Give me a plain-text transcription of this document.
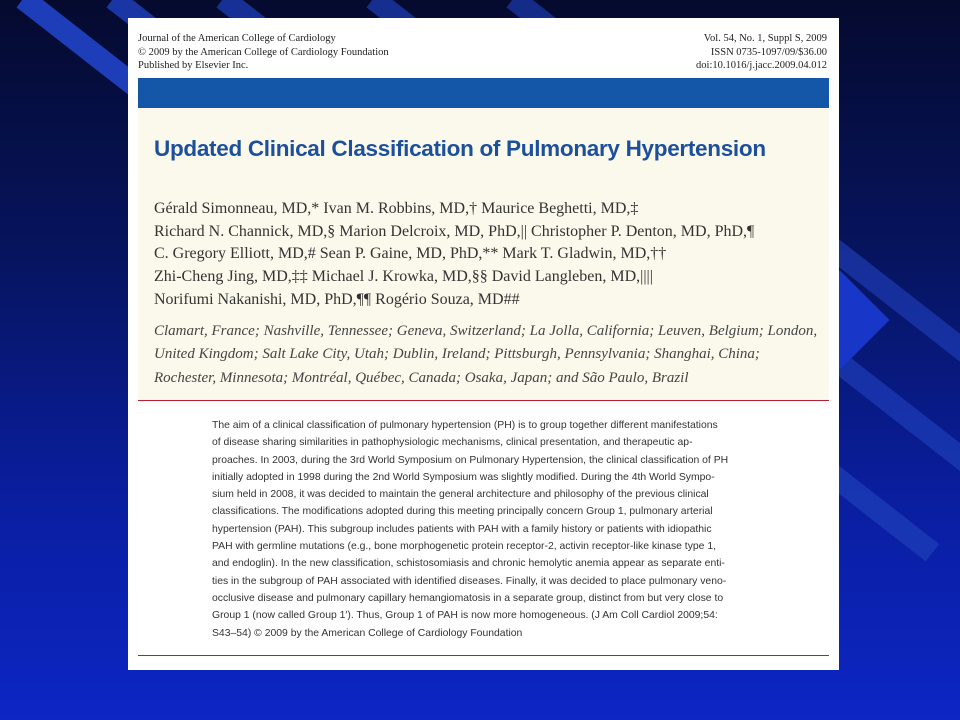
Journal of the American College of Cardiology
© 2009 by the American College of Cardiology Foundation
Published by Elsevier Inc.
Vol. 54, No. 1, Suppl S, 2009
ISSN 0735-1097/09/$36.00
doi:10.1016/j.jacc.2009.04.012
Updated Clinical Classification of Pulmonary Hypertension
Gérald Simonneau, MD,* Ivan M. Robbins, MD,† Maurice Beghetti, MD,‡
Richard N. Channick, MD,§ Marion Delcroix, MD, PhD,|| Christopher P. Denton, MD, PhD,¶
C. Gregory Elliott, MD,# Sean P. Gaine, MD, PhD,** Mark T. Gladwin, MD,††
Zhi-Cheng Jing, MD,‡‡ Michael J. Krowka, MD,§§ David Langleben, MD,||||
Norifumi Nakanishi, MD, PhD,¶¶ Rogério Souza, MD##
Clamart, France; Nashville, Tennessee; Geneva, Switzerland; La Jolla, California; Leuven, Belgium; London,
United Kingdom; Salt Lake City, Utah; Dublin, Ireland; Pittsburgh, Pennsylvania; Shanghai, China;
Rochester, Minnesota; Montréal, Québec, Canada; Osaka, Japan; and São Paulo, Brazil
The aim of a clinical classification of pulmonary hypertension (PH) is to group together different manifestations
of disease sharing similarities in pathophysiologic mechanisms, clinical presentation, and therapeutic ap-
proaches. In 2003, during the 3rd World Symposium on Pulmonary Hypertension, the clinical classification of PH
initially adopted in 1998 during the 2nd World Symposium was slightly modified. During the 4th World Sympo-
sium held in 2008, it was decided to maintain the general architecture and philosophy of the previous clinical
classifications. The modifications adopted during this meeting principally concern Group 1, pulmonary arterial
hypertension (PAH). This subgroup includes patients with PAH with a family history or patients with idiopathic
PAH with germline mutations (e.g., bone morphogenetic protein receptor-2, activin receptor-like kinase type 1,
and endoglin). In the new classification, schistosomiasis and chronic hemolytic anemia appear as separate enti-
ties in the subgroup of PAH associated with identified diseases. Finally, it was decided to place pulmonary veno-
occlusive disease and pulmonary capillary hemangiomatosis in a separate group, distinct from but very close to
Group 1 (now called Group 1′). Thus, Group 1 of PAH is now more homogeneous. (J Am Coll Cardiol 2009;54:
S43–54) © 2009 by the American College of Cardiology Foundation
